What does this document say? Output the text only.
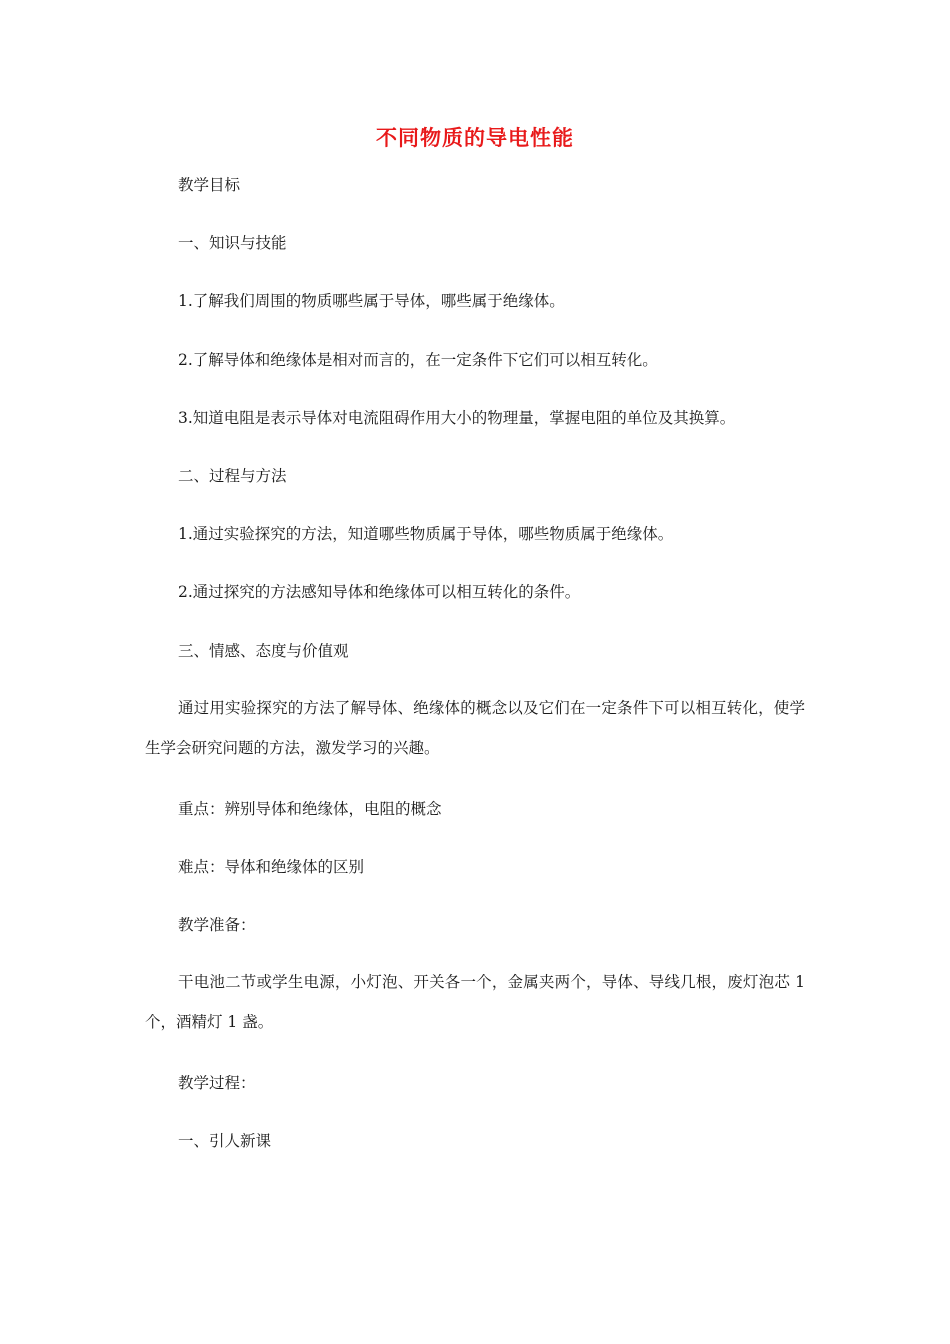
不同物质的导电性能
教学目标
一、知识与技能
1.了解我们周围的物质哪些属于导体，哪些属于绝缘体。
2.了解导体和绝缘体是相对而言的，在一定条件下它们可以相互转化。
3.知道电阻是表示导体对电流阻碍作用大小的物理量，掌握电阻的单位及其换算。
二、过程与方法
1.通过实验探究的方法，知道哪些物质属于导体，哪些物质属于绝缘体。
2.通过探究的方法感知导体和绝缘体可以相互转化的条件。
三、情感、态度与价值观
通过用实验探究的方法了解导体、绝缘体的概念以及它们在一定条件下可以相互转化，使学生学会研究问题的方法，激发学习的兴趣。
重点：辨别导体和绝缘体，电阻的概念
难点：导体和绝缘体的区别
教学准备：
干电池二节或学生电源，小灯泡、开关各一个，金属夹两个，导体、导线几根，废灯泡芯 1 个，酒精灯 1 盏。
教学过程：
一、引人新课
